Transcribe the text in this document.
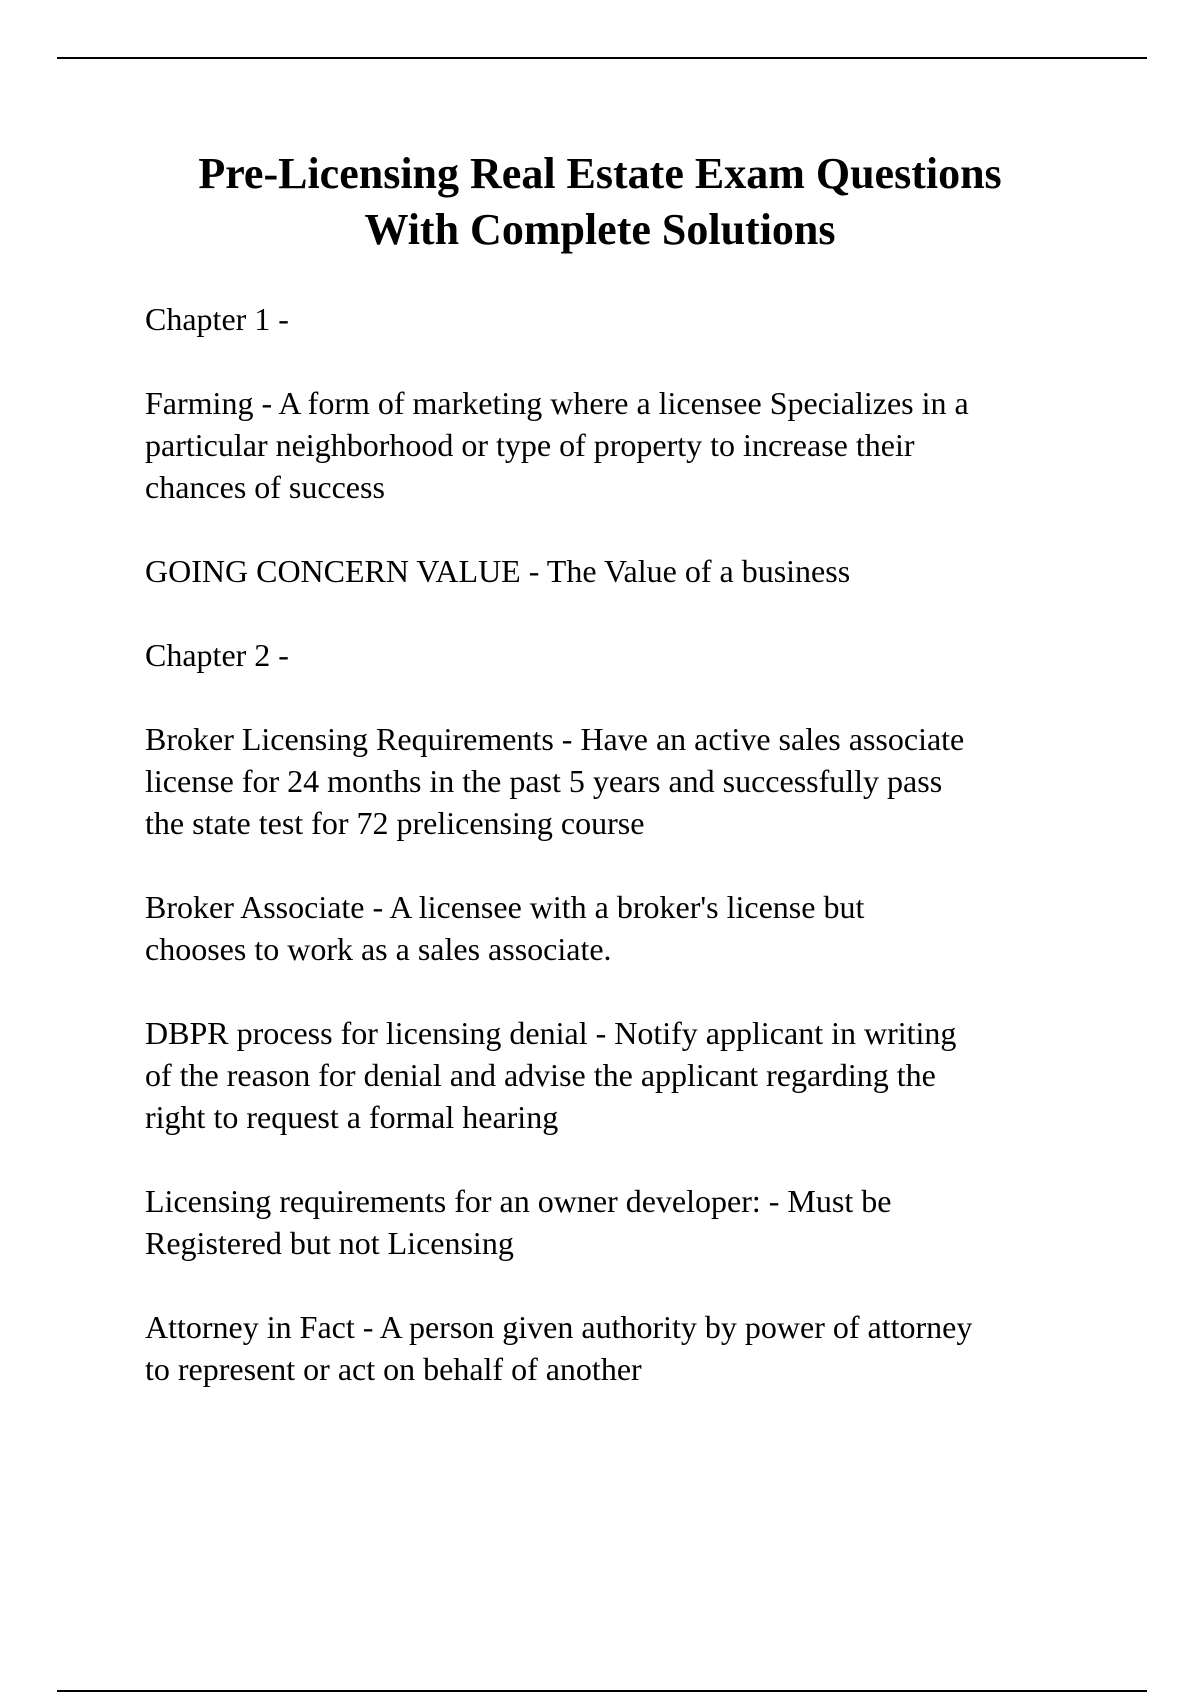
Pre-Licensing Real Estate Exam Questions
With Complete Solutions

Chapter 1 -

Farming - A form of marketing where a licensee Specializes in a
particular neighborhood or type of property to increase their
chances of success

GOING CONCERN VALUE - The Value of a business

Chapter 2 -

Broker Licensing Requirements - Have an active sales associate
license for 24 months in the past 5 years and successfully pass
the state test for 72 prelicensing course

Broker Associate - A licensee with a broker's license but
chooses to work as a sales associate.

DBPR process for licensing denial - Notify applicant in writing
of the reason for denial and advise the applicant regarding the
right to request a formal hearing

Licensing requirements for an owner developer: - Must be
Registered but not Licensing

Attorney in Fact - A person given authority by power of attorney
to represent or act on behalf of another
